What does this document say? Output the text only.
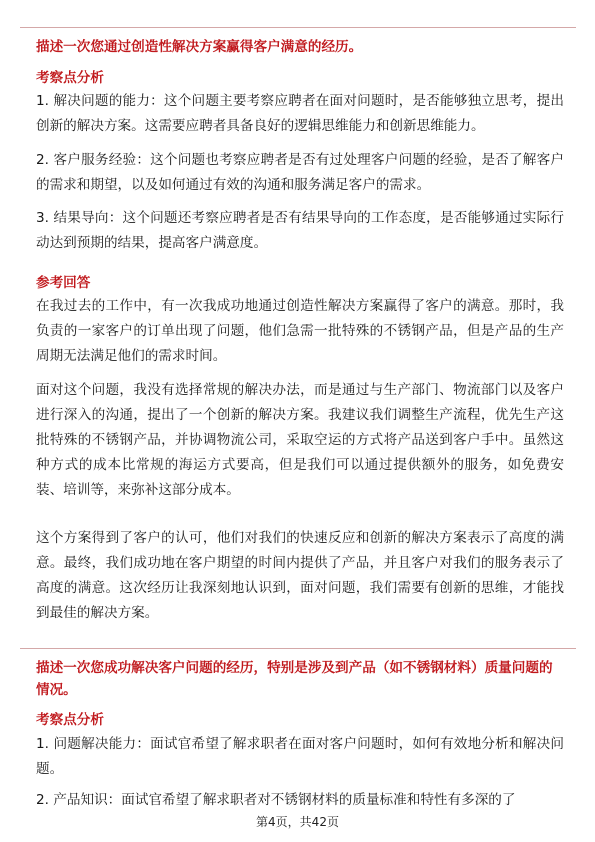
描述一次您通过创造性解决方案赢得客户满意的经历。
考察点分析
1. 解决问题的能力：这个问题主要考察应聘者在面对问题时，是否能够独立思考，提出创新的解决方案。这需要应聘者具备良好的逻辑思维能力和创新思维能力。
2. 客户服务经验：这个问题也考察应聘者是否有过处理客户问题的经验，是否了解客户的需求和期望，以及如何通过有效的沟通和服务满足客户的需求。
3. 结果导向：这个问题还考察应聘者是否有结果导向的工作态度，是否能够通过实际行动达到预期的结果，提高客户满意度。
参考回答
在我过去的工作中，有一次我成功地通过创造性解决方案赢得了客户的满意。那时，我负责的一家客户的订单出现了问题，他们急需一批特殊的不锈钢产品，但是产品的生产周期无法满足他们的需求时间。
面对这个问题，我没有选择常规的解决办法，而是通过与生产部门、物流部门以及客户进行深入的沟通，提出了一个创新的解决方案。我建议我们调整生产流程，优先生产这批特殊的不锈钢产品，并协调物流公司，采取空运的方式将产品送到客户手中。虽然这种方式的成本比常规的海运方式要高，但是我们可以通过提供额外的服务，如免费安装、培训等，来弥补这部分成本。
这个方案得到了客户的认可，他们对我们的快速反应和创新的解决方案表示了高度的满意。最终，我们成功地在客户期望的时间内提供了产品，并且客户对我们的服务表示了高度的满意。这次经历让我深刻地认识到，面对问题，我们需要有创新的思维，才能找到最佳的解决方案。
描述一次您成功解决客户问题的经历，特别是涉及到产品（如不锈钢材料）质量问题的情况。
考察点分析
1. 问题解决能力：面试官希望了解求职者在面对客户问题时，如何有效地分析和解决问题。
2. 产品知识：面试官希望了解求职者对不锈钢材料的质量标准和特性有多深的了
第4页，共42页
